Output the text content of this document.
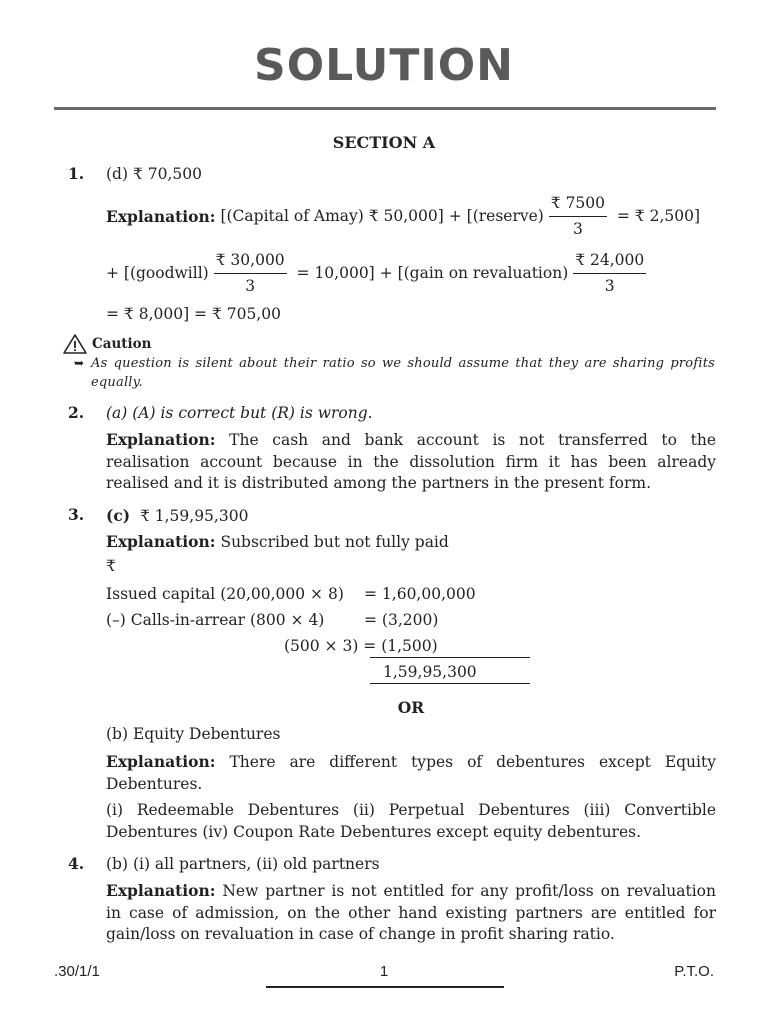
SOLUTION
SECTION A
1. (d) ₹ 70,500
Explanation:
[(Capital of Amay) ₹ 50,000] + [(reserve)
$\frac{₹ 7500}{3}$
= ₹ 2,500]
+ [(goodwill)
$\frac{₹ 30,000}{3}$
= 10,000] + [(gain on revaluation)
$\frac{₹ 24,000}{3}$
= ₹ 8,000] = ₹ 705,00
Caution
➥ As question is silent about their ratio so we should assume that they are sharing profits equally.
2. (a) (A) is correct but (R) is wrong.
Explanation: The cash and bank account is not transferred to the realisation account because in the dissolution firm it has been already realised and it is distributed among the partners in the present form.
3. (c) ₹ 1,59,95,300
Explanation: Subscribed but not fully paid
₹
Issued capital (20,00,000 × 8) = 1,60,00,000
(–) Calls-in-arrear (800 × 4)	= (3,200)
(500 × 3) = (1,500)
1,59,95,300
OR
(b) Equity Debentures
Explanation: There are different types of debentures except Equity Debentures.
(i) Redeemable Debentures (ii) Perpetual Debentures (iii) Convertible Debentures (iv) Coupon Rate Debentures except equity debentures.
4. (b) (i) all partners, (ii) old partners
Explanation: New partner is not entitled for any profit/loss on revaluation in case of admission, on the other hand existing partners are entitled for gain/loss on revaluation in case of change in profit sharing ratio.
.30/1/1	1	P.T.O.
